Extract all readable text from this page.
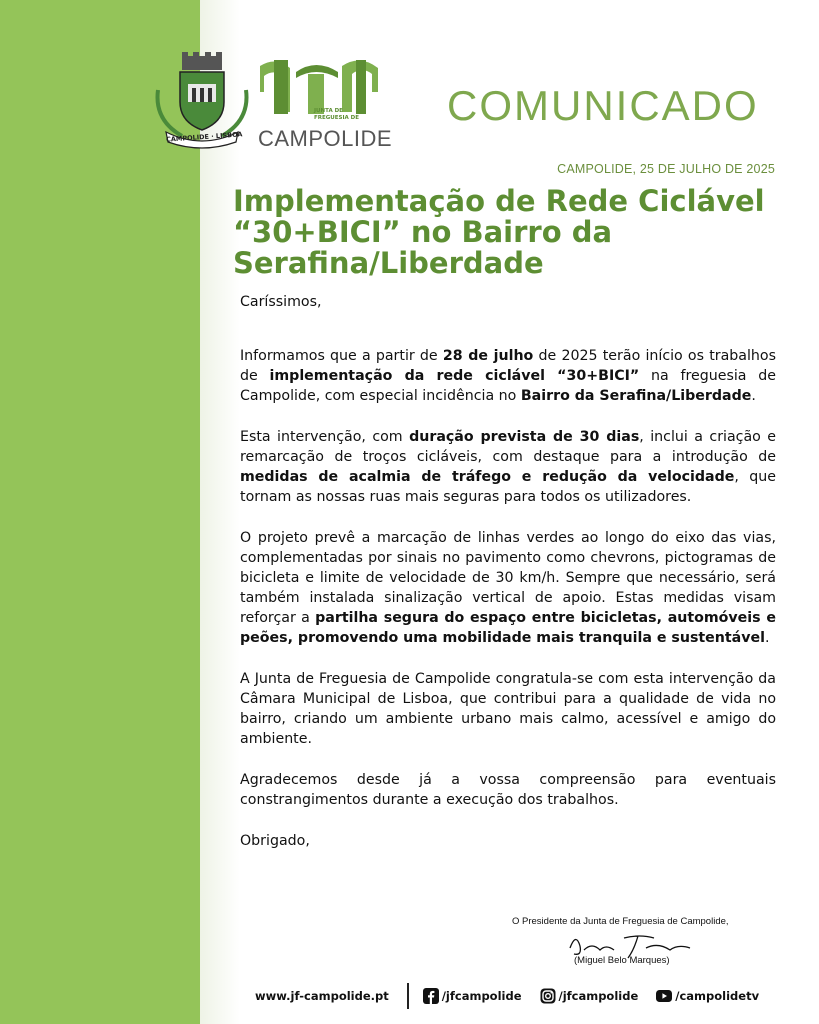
CAMPOLIDE · LISBOA
JUNTA DE FREGUESIA DE
CAMPOLIDE
COMUNICADO
CAMPOLIDE, 25 DE JULHO DE 2025
Implementação de Rede Ciclável “30+BICI” no Bairro da Serafina/Liberdade

Caríssimos,

Informamos que a partir de 28 de julho de 2025 terão início os trabalhos de implementação da rede ciclável “30+BICI” na freguesia de Campolide, com especial incidência no Bairro da Serafina/Liberdade.

Esta intervenção, com duração prevista de 30 dias, inclui a criação e remarcação de troços cicláveis, com destaque para a introdução de medidas de acalmia de tráfego e redução da velocidade, que tornam as nossas ruas mais seguras para todos os utilizadores.

O projeto prevê a marcação de linhas verdes ao longo do eixo das vias, complementadas por sinais no pavimento como chevrons, pictogramas de bicicleta e limite de velocidade de 30 km/h. Sempre que necessário, será também instalada sinalização vertical de apoio. Estas medidas visam reforçar a partilha segura do espaço entre bicicletas, automóveis e peões, promovendo uma mobilidade mais tranquila e sustentável.

A Junta de Freguesia de Campolide congratula-se com esta intervenção da Câmara Municipal de Lisboa, que contribui para a qualidade de vida no bairro, criando um ambiente urbano mais calmo, acessível e amigo do ambiente.

Agradecemos desde já a vossa compreensão para eventuais constrangimentos durante a execução dos trabalhos.

Obrigado,

O Presidente da Junta de Freguesia de Campolide,
(Miguel Belo Marques)
www.jf-campolide.pt	/jfcampolide	/jfcampolide	/campolidetv
